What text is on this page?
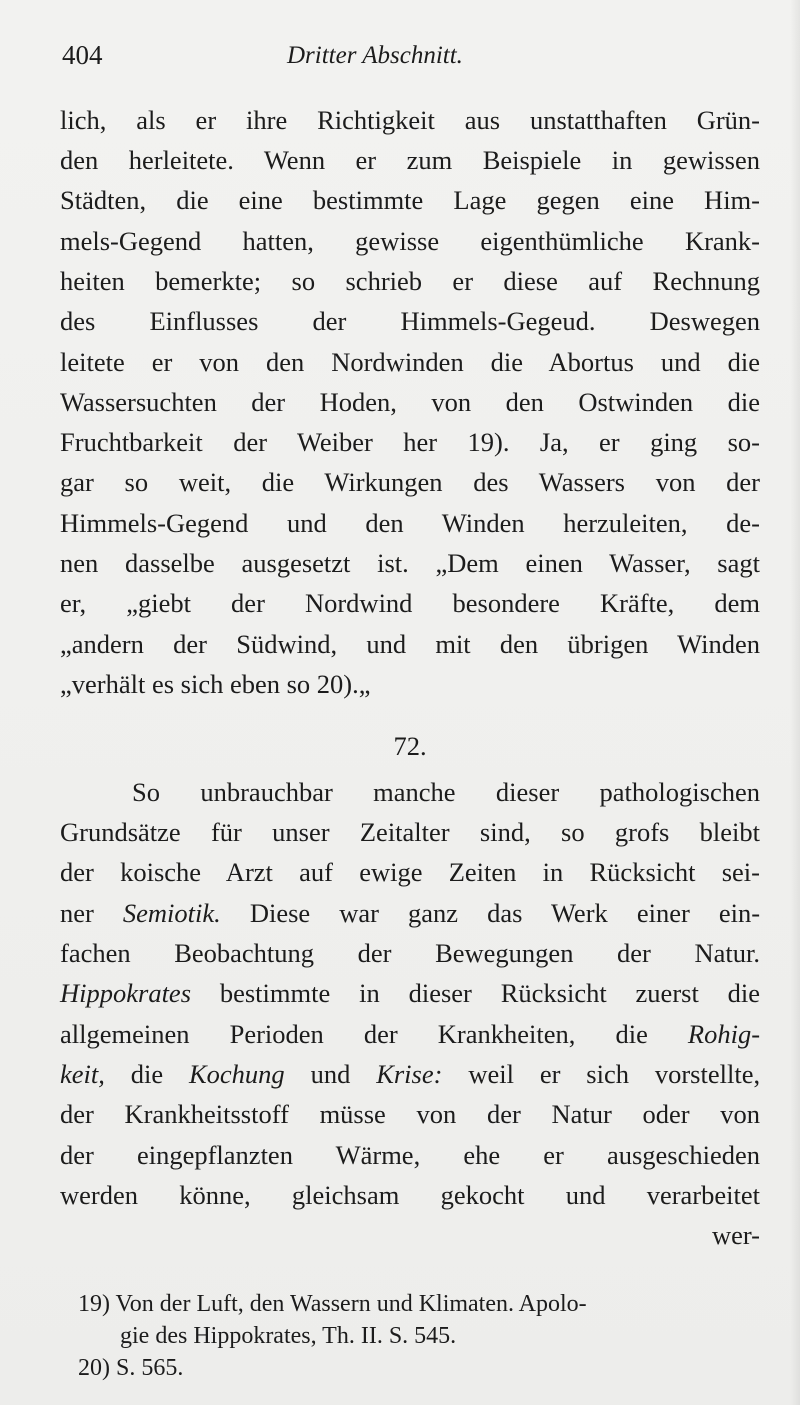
404	Dritter Abschnitt.
lich, als er ihre Richtigkeit aus unstatthaften Grün-
den herleitete. Wenn er zum Beispiele in gewissen
Städten, die eine bestimmte Lage gegen eine Him-
mels-Gegend hatten, gewisse eigenthümliche Krank-
heiten bemerkte; so schrieb er diese auf Rechnung
des Einflusses der Himmels-Gegeud. Deswegen
leitete er von den Nordwinden die Abortus und die
Wassersuchten der Hoden, von den Ostwinden die
Fruchtbarkeit der Weiber her 19). Ja, er ging so-
gar so weit, die Wirkungen des Wassers von der
Himmels-Gegend und den Winden herzuleiten, de-
nen dasselbe ausgesetzt ist. „Dem einen Wasser, sagt
er, „giebt der Nordwind besondere Kräfte, dem
„andern der Südwind, und mit den übrigen Winden
„verhält es sich eben so 20).„
72.
So unbrauchbar manche dieser pathologischen
Grundsätze für unser Zeitalter sind, so grofs bleibt
der koische Arzt auf ewige Zeiten in Rücksicht sei-
ner Semiotik. Diese war ganz das Werk einer ein-
fachen Beobachtung der Bewegungen der Natur.
Hippokrates bestimmte in dieser Rücksicht zuerst die
allgemeinen Perioden der Krankheiten, die Rohig-
keit, die Kochung und Krise: weil er sich vorstellte,
der Krankheitsstoff müsse von der Natur oder von
der eingepflanzten Wärme, ehe er ausgeschieden
werden könne, gleichsam gekocht und verarbeitet
wer-
19) Von der Luft, den Wassern und Klimaten. Apolo-
gie des Hippokrates, Th. II. S. 545.
20) S. 565.
